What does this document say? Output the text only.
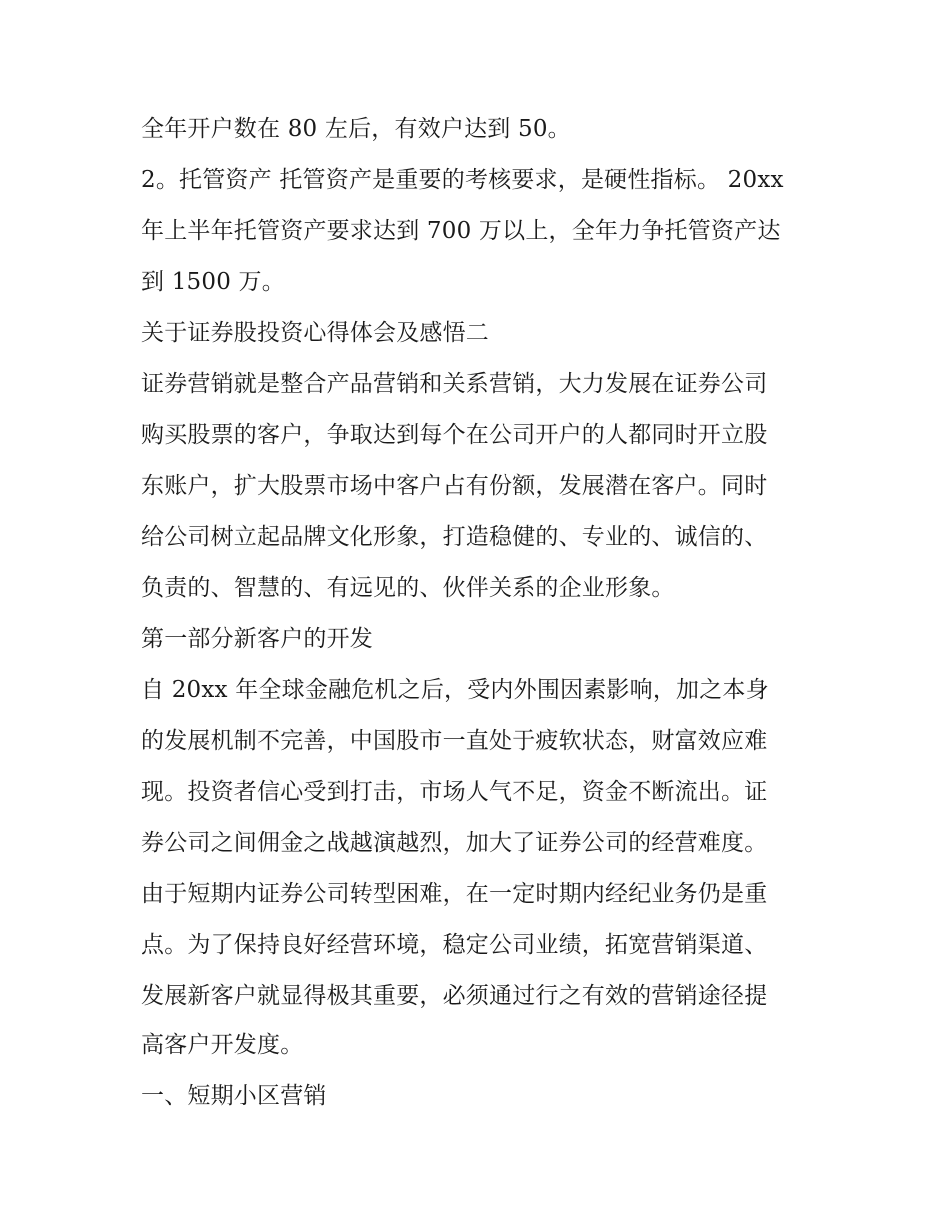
全年开户数在 80 左后，有效户达到 50。
2。托管资产 托管资产是重要的考核要求，是硬性指标。 20xx
年上半年托管资产要求达到 700 万以上，全年力争托管资产达
到 1500 万。
关于证券股投资心得体会及感悟二
证券营销就是整合产品营销和关系营销，大力发展在证券公司
购买股票的客户，争取达到每个在公司开户的人都同时开立股
东账户，扩大股票市场中客户占有份额，发展潜在客户。同时
给公司树立起品牌文化形象，打造稳健的、专业的、诚信的、
负责的、智慧的、有远见的、伙伴关系的企业形象。
第一部分新客户的开发
自 20xx 年全球金融危机之后，受内外围因素影响，加之本身
的发展机制不完善，中国股市一直处于疲软状态，财富效应难
现。投资者信心受到打击，市场人气不足，资金不断流出。证
券公司之间佣金之战越演越烈，加大了证券公司的经营难度。
由于短期内证券公司转型困难，在一定时期内经纪业务仍是重
点。为了保持良好经营环境，稳定公司业绩，拓宽营销渠道、
发展新客户就显得极其重要，必须通过行之有效的营销途径提
高客户开发度。
一、短期小区营销
